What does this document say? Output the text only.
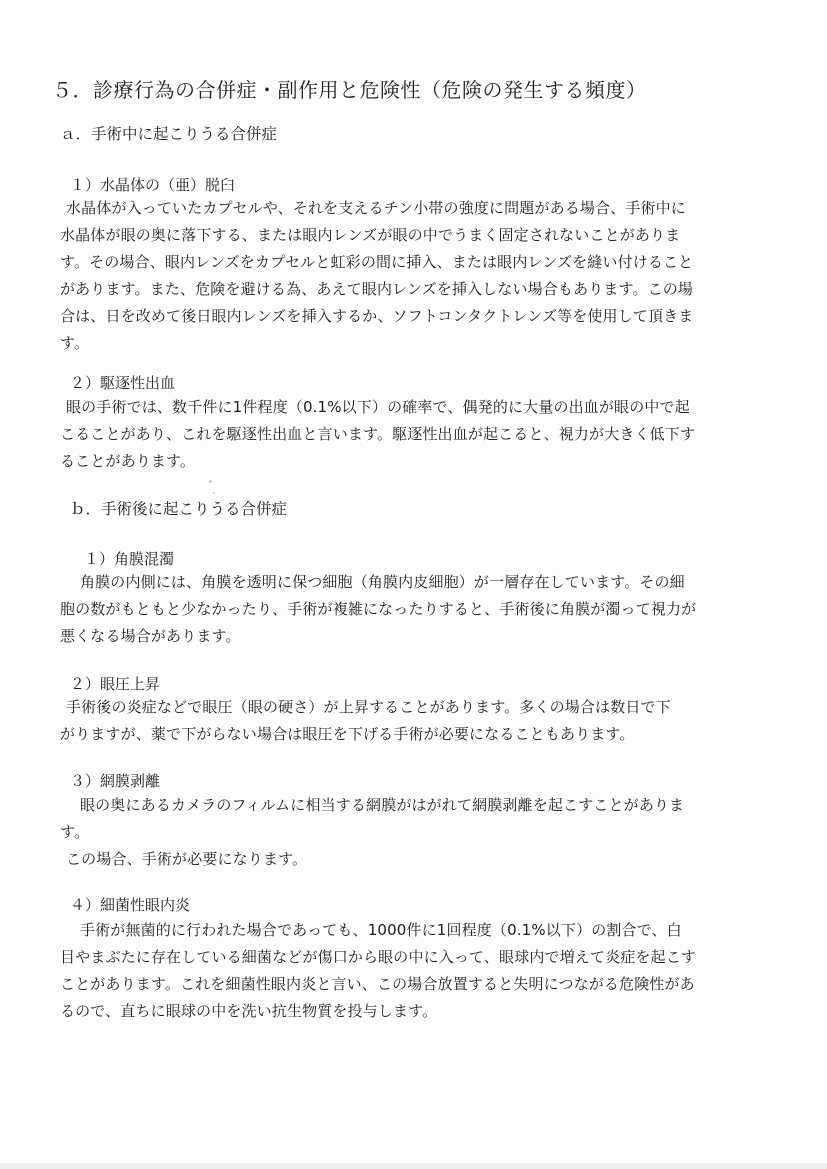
５．診療行為の合併症・副作用と危険性（危険の発生する頻度）
ａ．手術中に起こりうる合併症
１）水晶体の（亜）脱臼
水晶体が入っていたカプセルや、それを支えるチン小帯の強度に問題がある場合、手術中に
水晶体が眼の奥に落下する、または眼内レンズが眼の中でうまく固定されないことがありま
す。その場合、眼内レンズをカプセルと虹彩の間に挿入、または眼内レンズを縫い付けること
があります。また、危険を避ける為、あえて眼内レンズを挿入しない場合もあります。この場
合は、日を改めて後日眼内レンズを挿入するか、ソフトコンタクトレンズ等を使用して頂きま
す。
２）駆逐性出血
眼の手術では、数千件に1件程度（0.1%以下）の確率で、偶発的に大量の出血が眼の中で起
こることがあり、これを駆逐性出血と言います。駆逐性出血が起こると、視力が大きく低下す
ることがあります。
ｂ．手術後に起こりうる合併症
１）角膜混濁
角膜の内側には、角膜を透明に保つ細胞（角膜内皮細胞）が一層存在しています。その細
胞の数がもともと少なかったり、手術が複雑になったりすると、手術後に角膜が濁って視力が
悪くなる場合があります。
２）眼圧上昇
手術後の炎症などで眼圧（眼の硬さ）が上昇することがあります。多くの場合は数日で下
がりますが、薬で下がらない場合は眼圧を下げる手術が必要になることもあります。
３）網膜剥離
眼の奥にあるカメラのフィルムに相当する網膜がはがれて網膜剥離を起こすことがありま
す。
この場合、手術が必要になります。
４）細菌性眼内炎
手術が無菌的に行われた場合であっても、1000件に1回程度（0.1%以下）の割合で、白
目やまぶたに存在している細菌などが傷口から眼の中に入って、眼球内で増えて炎症を起こす
ことがあります。これを細菌性眼内炎と言い、この場合放置すると失明につながる危険性があ
るので、直ちに眼球の中を洗い抗生物質を投与します。
